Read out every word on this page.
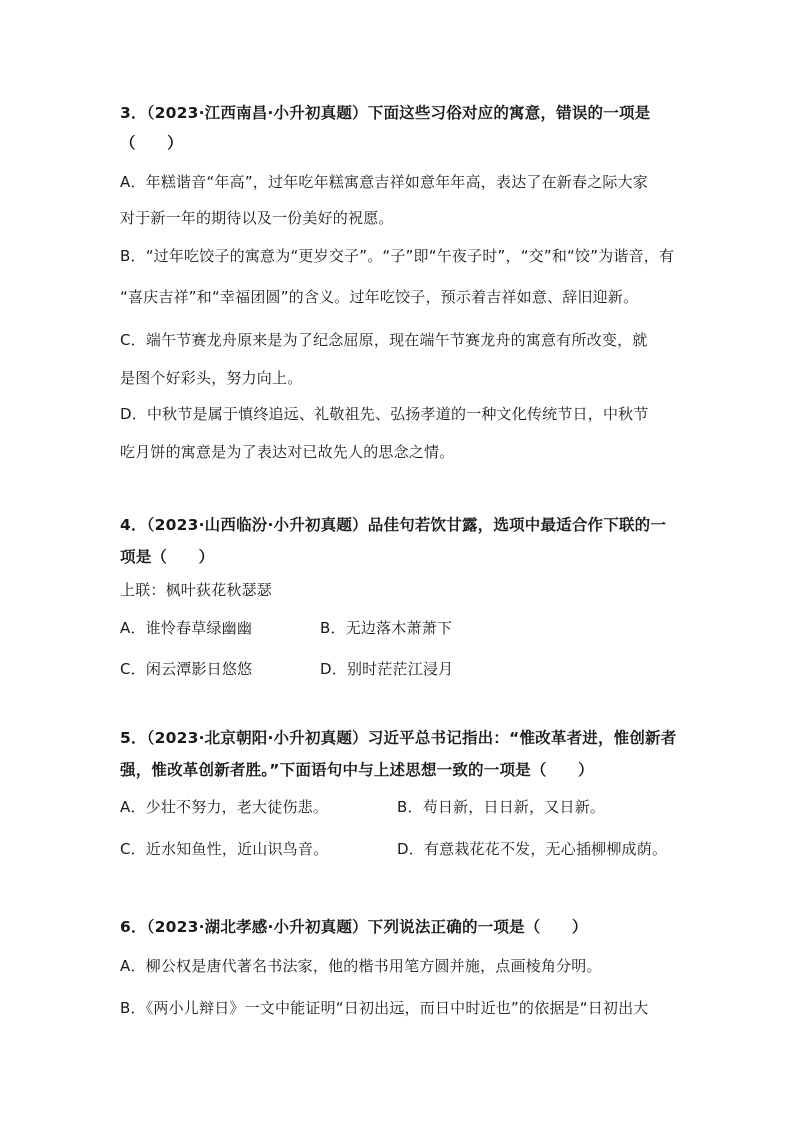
3．（2023·江西南昌·小升初真题）下面这些习俗对应的寓意，错误的一项是
（　　）
A．年糕谐音“年高”，过年吃年糕寓意吉祥如意年年高，表达了在新春之际大家
对于新一年的期待以及一份美好的祝愿。
B．“过年吃饺子的寓意为“更岁交子”。“子”即“午夜子时”，“交”和“饺”为谐音，有
“喜庆吉祥”和“幸福团圆”的含义。过年吃饺子，预示着吉祥如意、辞旧迎新。
C．端午节赛龙舟原来是为了纪念屈原，现在端午节赛龙舟的寓意有所改变，就
是图个好彩头，努力向上。
D．中秋节是属于慎终追远、礼敬祖先、弘扬孝道的一种文化传统节日，中秋节
吃月饼的寓意是为了表达对已故先人的思念之情。
4．（2023·山西临汾·小升初真题）品佳句若饮甘露，选项中最适合作下联的一
项是（　　）
上联：枫叶荻花秋瑟瑟
A．谁怜春草绿幽幽	B．无边落木萧萧下
C．闲云潭影日悠悠	D．别时茫茫江浸月
5．（2023·北京朝阳·小升初真题）习近平总书记指出：“惟改革者进，惟创新者
强，惟改革创新者胜。”下面语句中与上述思想一致的一项是（　　）
A．少壮不努力，老大徒伤悲。	B．苟日新，日日新，又日新。
C．近水知鱼性，近山识鸟音。	D．有意栽花花不发，无心插柳柳成荫。
6．（2023·湖北孝感·小升初真题）下列说法正确的一项是（　　）
A．柳公权是唐代著名书法家，他的楷书用笔方圆并施，点画棱角分明。
B．《两小儿辩日》一文中能证明“日初出远，而日中时近也”的依据是“日初出大
